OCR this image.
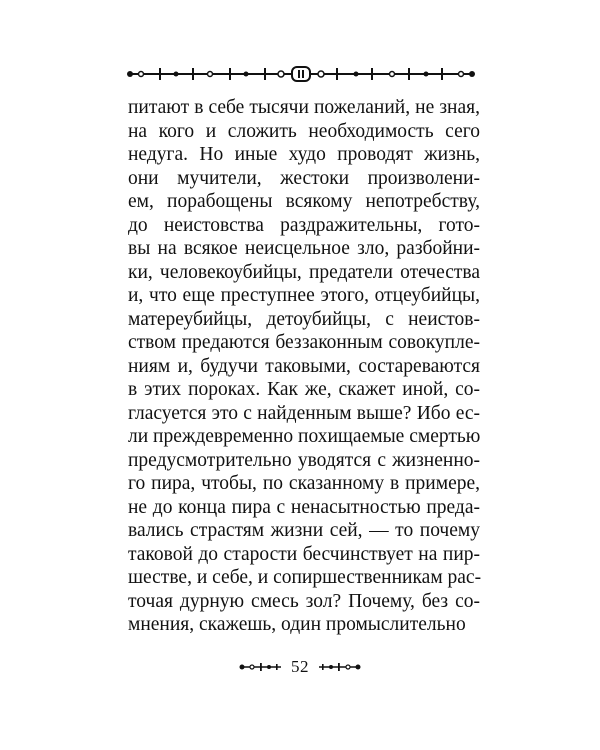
питают в себе тысячи пожеланий, не зная,
на кого и сложить необходимость сего
недуга. Но иные худо проводят жизнь,
они мучители, жестоки произволени-
ем, порабощены всякому непотребству,
до неистовства раздражительны, гото-
вы на всякое неисцельное зло, разбойни-
ки, человекоубийцы, предатели отечества
и, что еще преступнее этого, отцеубийцы,
матереубийцы, детоубийцы, с неистов-
ством предаются беззаконным совокупле-
ниям и, будучи таковыми, состареваются
в этих пороках. Как же, скажет иной, со-
гласуется это с найденным выше? Ибо ес-
ли преждевременно похищаемые смертью
предусмотрительно уводятся с жизненно-
го пира, чтобы, по сказанному в примере,
не до конца пира с ненасытностью преда-
вались страстям жизни сей, — то почему
таковой до старости бесчинствует на пир-
шестве, и себе, и сопиршественникам рас-
точая дурную смесь зол? Почему, без со-
мнения, скажешь, один промыслительно
52
